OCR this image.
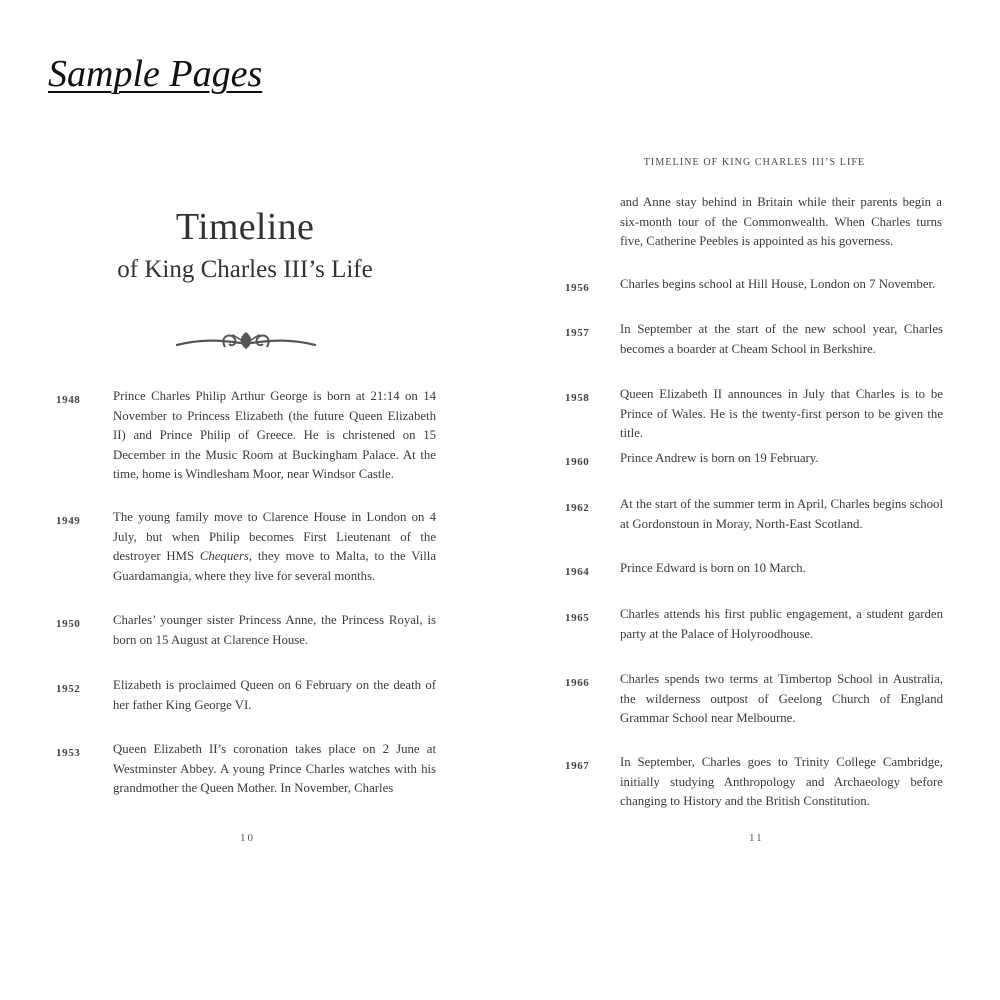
Sample Pages
Timeline
of King Charles III’s Life
1948	Prince Charles Philip Arthur George is born at 21:14 on 14 November to Princess Elizabeth (the future Queen Elizabeth II) and Prince Philip of Greece. He is christened on 15 December in the Music Room at Buckingham Palace. At the time, home is Windlesham Moor, near Windsor Castle.

1949	The young family move to Clarence House in London on 4 July, but when Philip becomes First Lieutenant of the destroyer HMS Chequers, they move to Malta, to the Villa Guardamangia, where they live for several months.

1950	Charles’ younger sister Princess Anne, the Princess Royal, is born on 15 August at Clarence House.

1952	Elizabeth is proclaimed Queen on 6 February on the death of her father King George VI.

1953	Queen Elizabeth II’s coronation takes place on 2 June at Westminster Abbey. A young Prince Charles watches with his grandmother the Queen Mother. In November, Charles

10
TIMELINE OF KING CHARLES III’S LIFE

and Anne stay behind in Britain while their parents begin a six-month tour of the Commonwealth. When Charles turns five, Catherine Peebles is appointed as his governess.

1956 Charles begins school at Hill House, London on 7 November.

1957 In September at the start of the new school year, Charles becomes a boarder at Cheam School in Berkshire.

1958 Queen Elizabeth II announces in July that Charles is to be Prince of Wales. He is the twenty-first person to be given the title.

1960 Prince Andrew is born on 19 February.

1962 At the start of the summer term in April, Charles begins school at Gordonstoun in Moray, North-East Scotland.

1964 Prince Edward is born on 10 March.

1965 Charles attends his first public engagement, a student garden party at the Palace of Holyroodhouse.

1966 Charles spends two terms at Timbertop School in Australia, the wilderness outpost of Geelong Church of England Grammar School near Melbourne.

1967 In September, Charles goes to Trinity College Cambridge, initially studying Anthropology and Archaeology before changing to History and the British Constitution.

11
